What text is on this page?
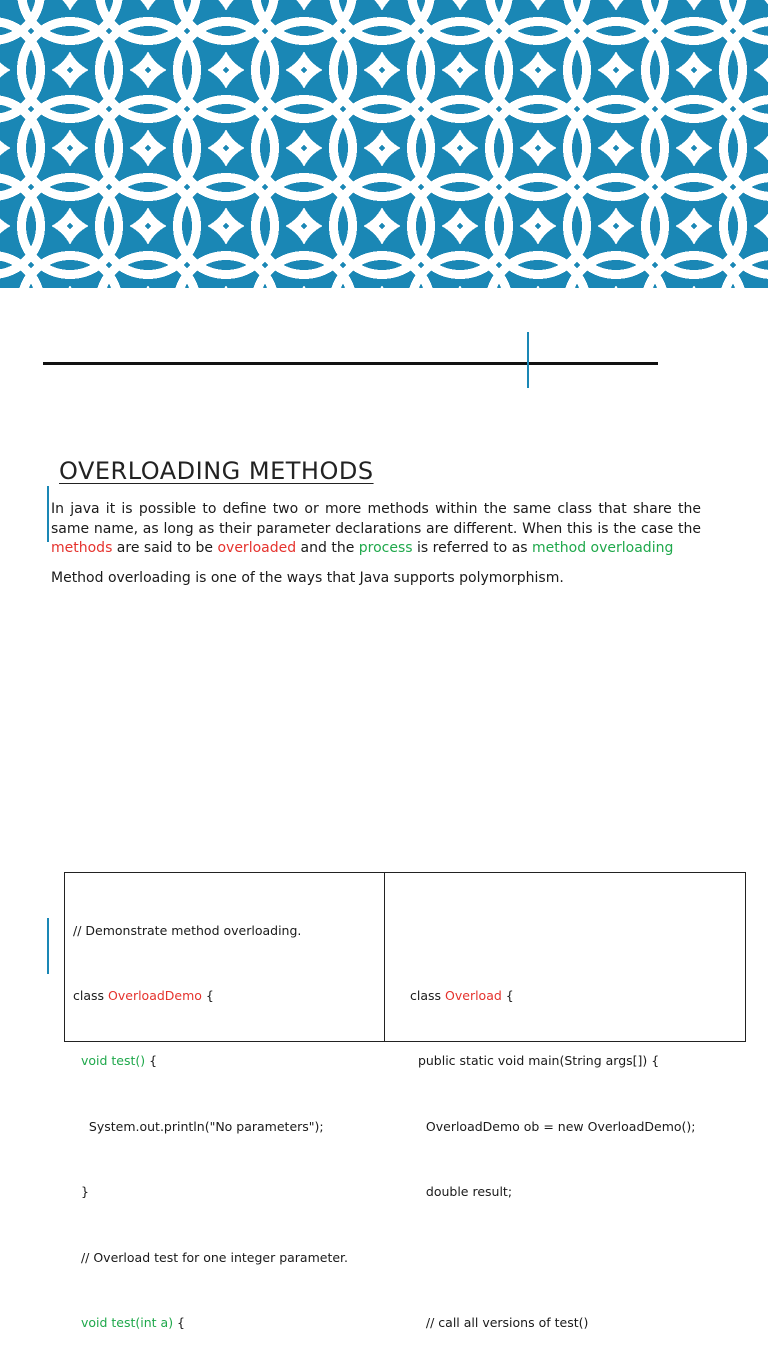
OVERLOADING METHODS

In java it is possible to define two or more methods within the same class that share the same name, as long as their parameter declarations are different. When this is the case the methods are said to be overloaded and the process is referred to as method overloading

Method overloading is one of the ways that Java supports polymorphism.

// Demonstrate method overloading.

class OverloadDemo {

void test() {

System.out.println("No parameters");

}

// Overload test for one integer parameter.

void test(int a) {

class Overload {

public static void main(String args[]) {

OverloadDemo ob = new OverloadDemo();

double result;

// call all versions of test()
